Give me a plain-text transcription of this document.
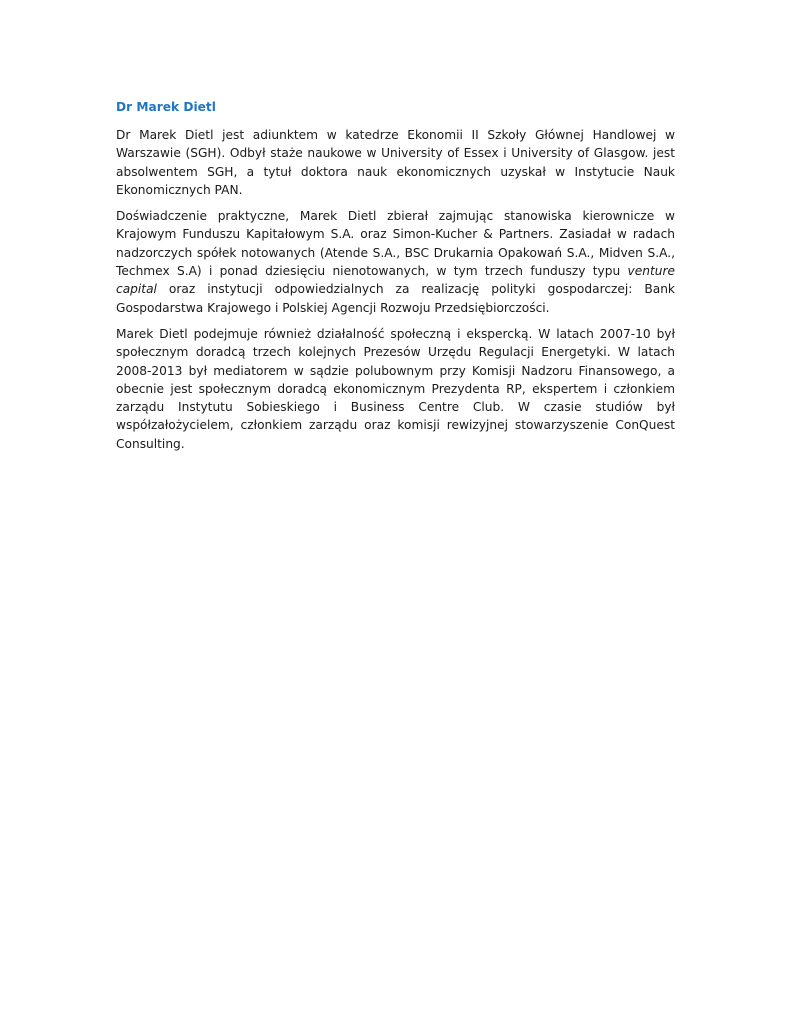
Dr Marek Dietl

Dr Marek Dietl jest adiunktem w katedrze Ekonomii II Szkoły Głównej Handlowej w Warszawie (SGH). Odbył staże naukowe w University of Essex i University of Glasgow. jest absolwentem SGH, a tytuł doktora nauk ekonomicznych uzyskał w Instytucie Nauk Ekonomicznych PAN.

Doświadczenie praktyczne, Marek Dietl zbierał zajmując stanowiska kierownicze w Krajowym Funduszu Kapitałowym S.A. oraz Simon-Kucher & Partners. Zasiadał w radach nadzorczych spółek notowanych (Atende S.A., BSC Drukarnia Opakowań S.A., Midven S.A., Techmex S.A) i ponad dziesięciu nienotowanych, w tym trzech funduszy typu venture capital oraz instytucji odpowiedzialnych za realizację polityki gospodarczej: Bank Gospodarstwa Krajowego i Polskiej Agencji Rozwoju Przedsiębiorczości.

Marek Dietl podejmuje również działalność społeczną i ekspercką. W latach 2007-10 był społecznym doradcą trzech kolejnych Prezesów Urzędu Regulacji Energetyki. W latach 2008-2013 był mediatorem w sądzie polubownym przy Komisji Nadzoru Finansowego, a obecnie jest społecznym doradcą ekonomicznym Prezydenta RP, ekspertem i członkiem zarządu Instytutu Sobieskiego i Business Centre Club. W czasie studiów był współzałożycielem, członkiem zarządu oraz komisji rewizyjnej stowarzyszenie ConQuest Consulting.
